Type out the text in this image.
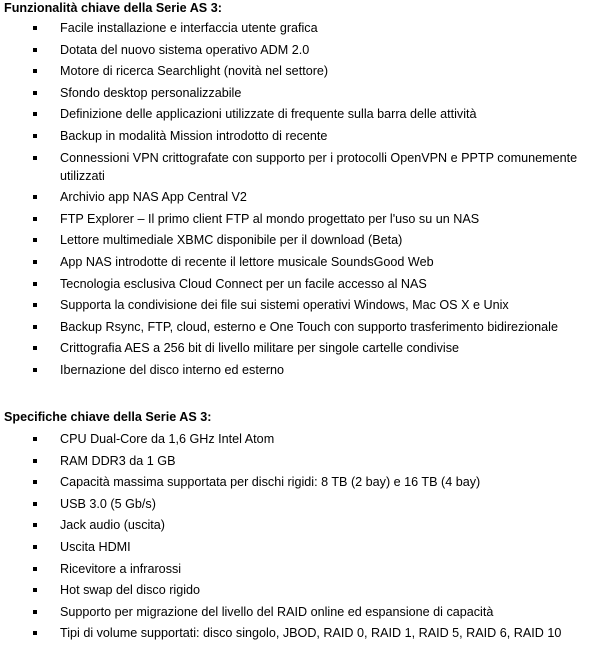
Funzionalità chiave della Serie AS 3:
Facile installazione e interfaccia utente grafica
Dotata del nuovo sistema operativo ADM 2.0
Motore di ricerca Searchlight (novità nel settore)
Sfondo desktop personalizzabile
Definizione delle applicazioni utilizzate di frequente sulla barra delle attività
Backup in modalità Mission introdotto di recente
Connessioni VPN crittografate con supporto per i protocolli OpenVPN e PPTP comunemente utilizzati
Archivio app NAS App Central V2
FTP Explorer – Il primo client FTP al mondo progettato per l'uso su un NAS
Lettore multimediale XBMC disponibile per il download (Beta)
App NAS introdotte di recente il lettore musicale SoundsGood Web
Tecnologia esclusiva Cloud Connect per un facile accesso al NAS
Supporta la condivisione dei file sui sistemi operativi Windows, Mac OS X e Unix
Backup Rsync, FTP, cloud, esterno e One Touch con supporto trasferimento bidirezionale
Crittografia AES a 256 bit di livello militare per singole cartelle condivise
Ibernazione del disco interno ed esterno
Specifiche chiave della Serie AS 3:
CPU Dual-Core da 1,6 GHz Intel Atom
RAM DDR3 da 1 GB
Capacità massima supportata per dischi rigidi: 8 TB (2 bay) e 16 TB (4 bay)
USB 3.0 (5 Gb/s)
Jack audio (uscita)
Uscita HDMI
Ricevitore a infrarossi
Hot swap del disco rigido
Supporto per migrazione del livello del RAID online ed espansione di capacità
Tipi di volume supportati: disco singolo, JBOD, RAID 0, RAID 1, RAID 5, RAID 6, RAID 10
